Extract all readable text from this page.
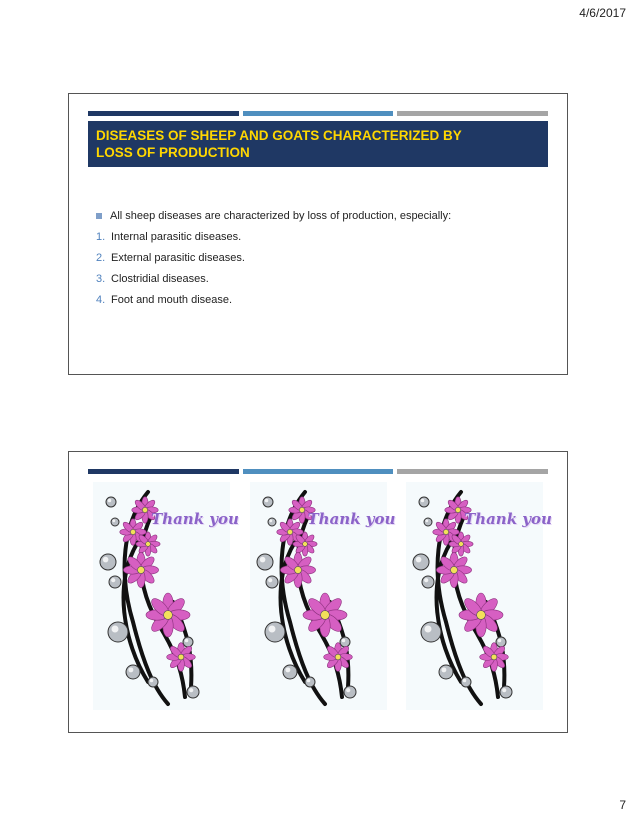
4/6/2017
DISEASES OF SHEEP AND GOATS CHARACTERIZED BY
LOSS OF PRODUCTION
All sheep diseases are characterized by loss of production, especially:
1. Internal parasitic diseases.
2. External parasitic diseases.
3. Clostridial diseases.
4. Foot and mouth disease.
Thank you	Thank you	Thank you
7
